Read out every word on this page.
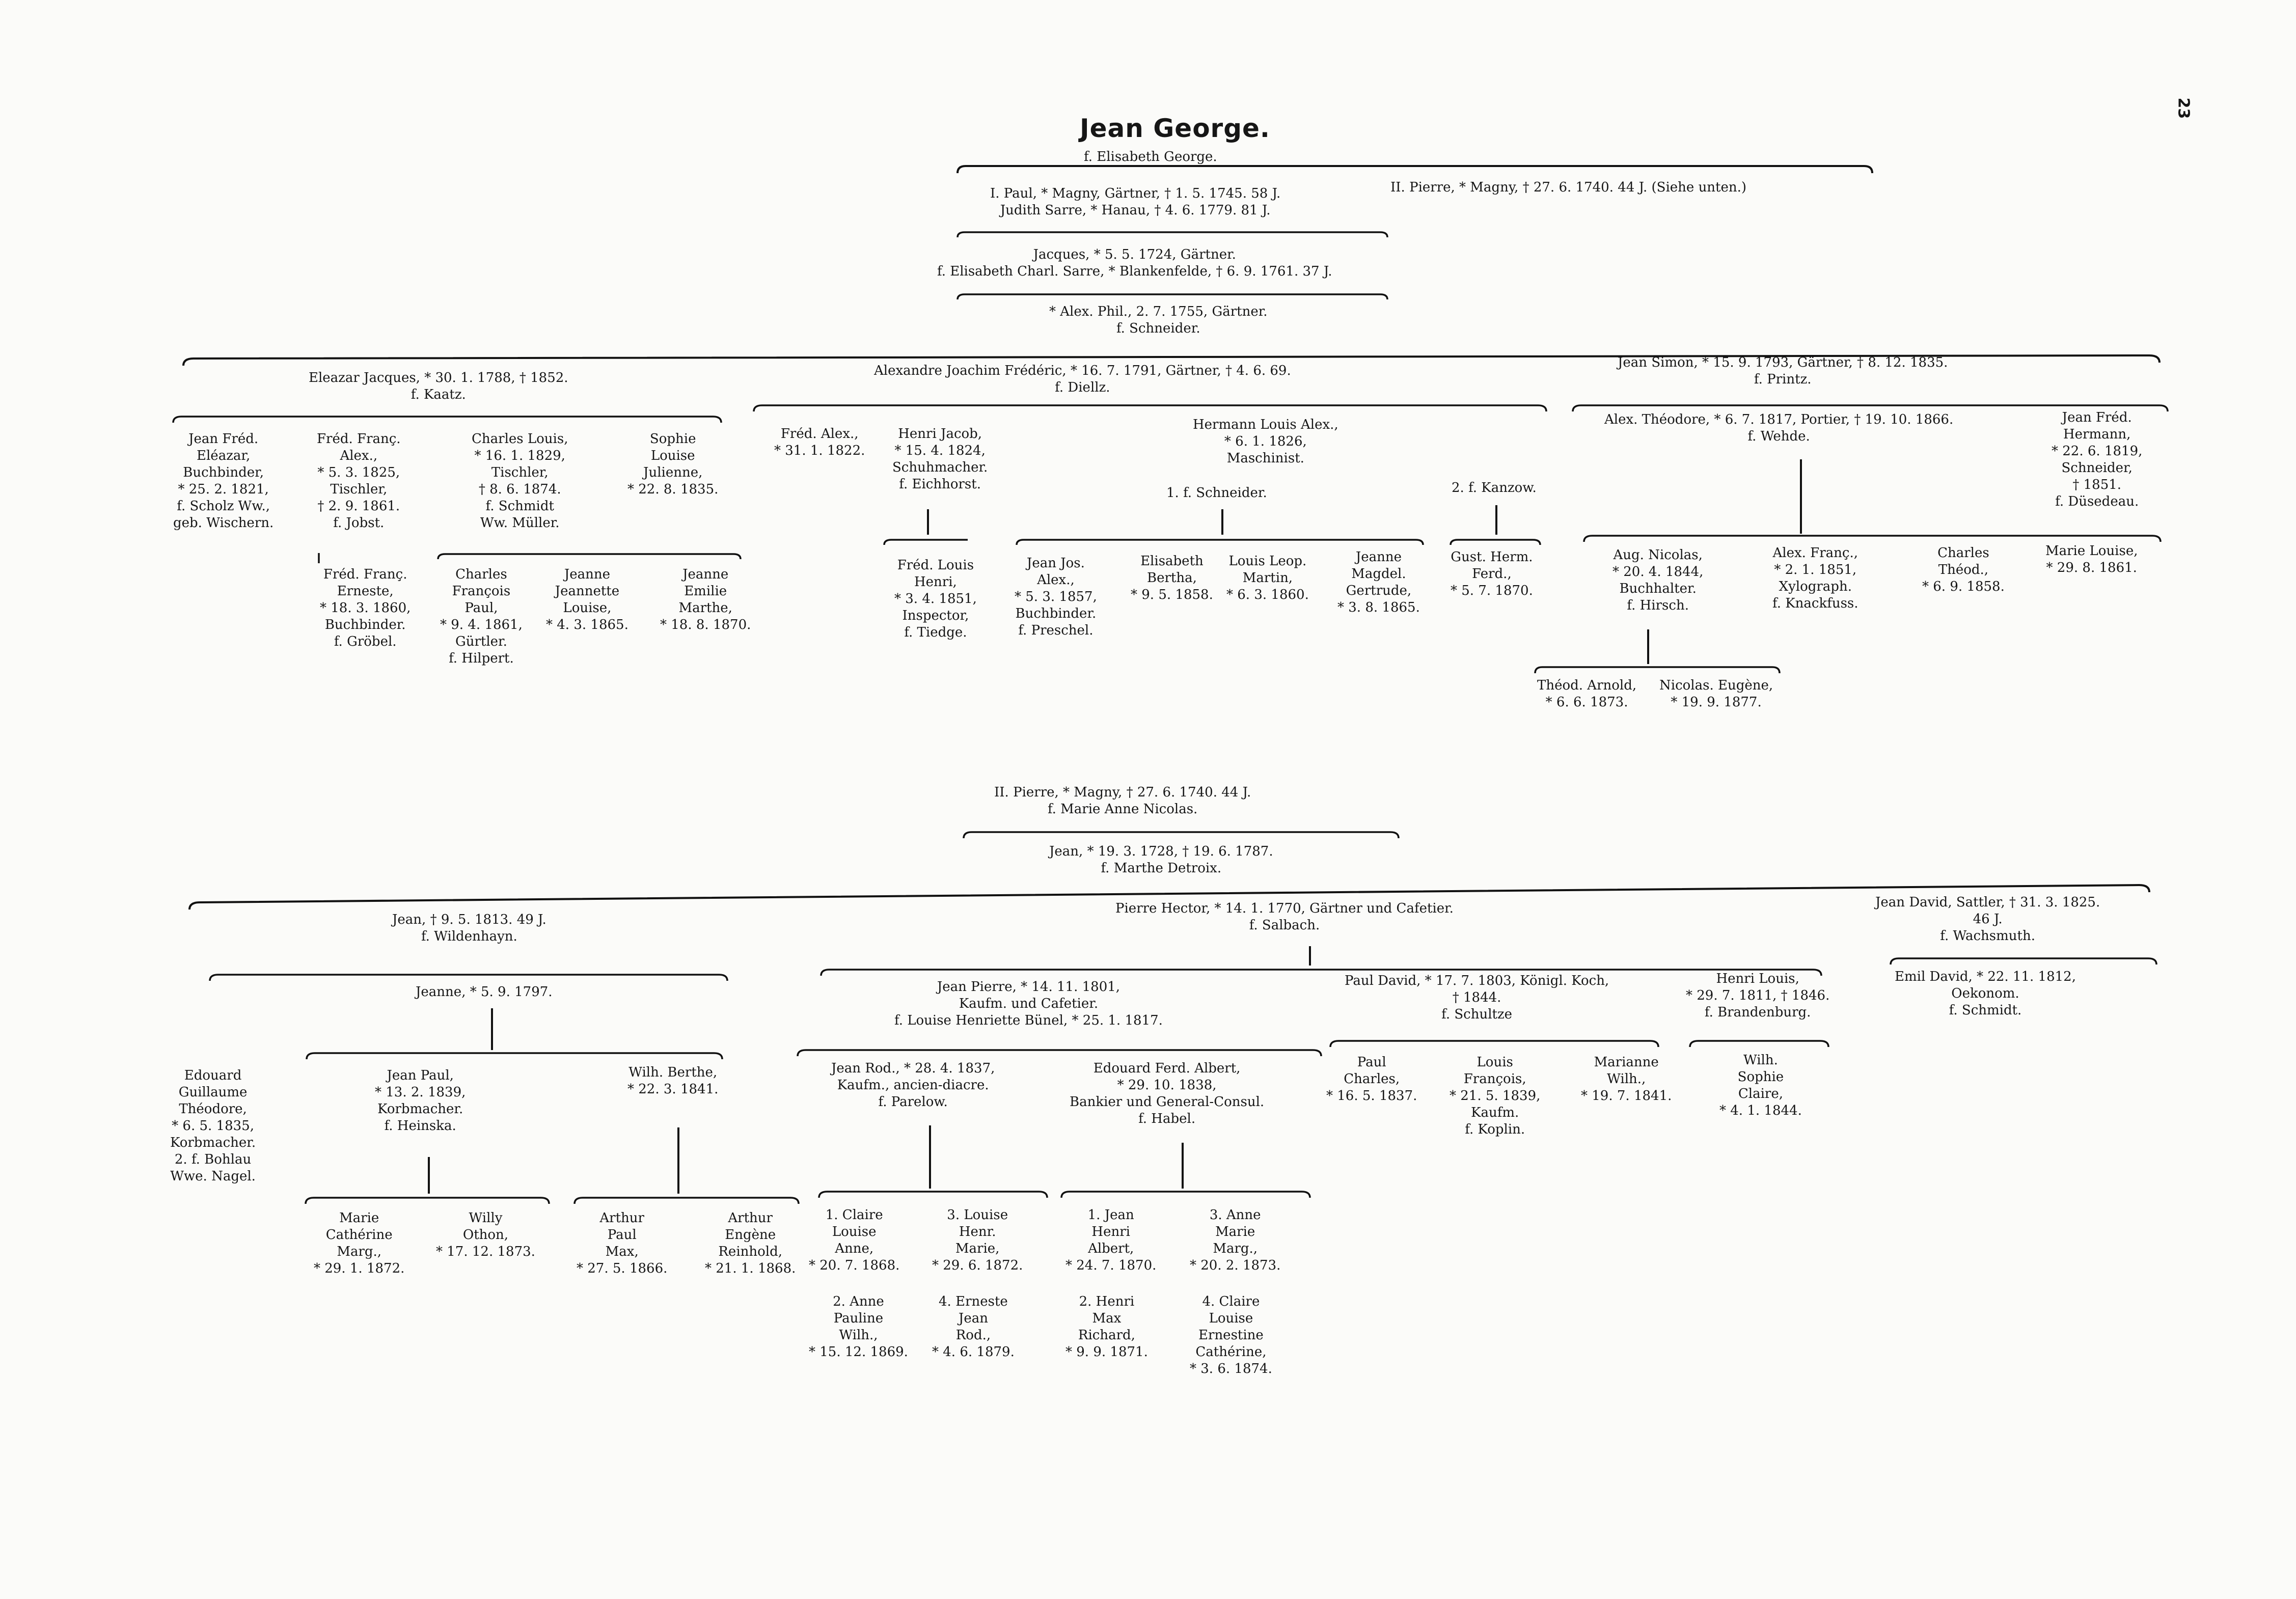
23
Jean George.
f. Elisabeth George.
I. Paul, * Magny, Gärtner, † 1. 5. 1745. 58 J.
Judith Sarre, * Hanau, † 4. 6. 1779. 81 J.
II. Pierre, * Magny, † 27. 6. 1740. 44 J. (Siehe unten.)
Jacques, * 5. 5. 1724, Gärtner.
f. Elisabeth Charl. Sarre, * Blankenfelde, † 6. 9. 1761. 37 J.
* Alex. Phil., 2. 7. 1755, Gärtner.
f. Schneider.
Eleazar Jacques, * 30. 1. 1788, † 1852.
f. Kaatz.
Alexandre Joachim Frédéric, * 16. 7. 1791, Gärtner, † 4. 6. 69.
f. Diellz.
Jean Simon, * 15. 9. 1793, Gärtner, † 8. 12. 1835.
f. Printz.
Jean Fréd.
Eléazar,
Buchbinder,
* 25. 2. 1821,
f. Scholz Ww.,
geb. Wischern.
Fréd. Franç.
Alex.,
* 5. 3. 1825,
Tischler,
† 2. 9. 1861.
f. Jobst.
Charles Louis,
* 16. 1. 1829,
Tischler,
† 8. 6. 1874.
f. Schmidt
Ww. Müller.
Sophie
Louise
Julienne,
* 22. 8. 1835.
Fréd. Franç.
Erneste,
* 18. 3. 1860,
Buchbinder.
f. Gröbel.
Charles
François
Paul,
* 9. 4. 1861,
Gürtler.
f. Hilpert.
Jeanne
Jeannette
Louise,
* 4. 3. 1865.
Jeanne
Emilie
Marthe,
* 18. 8. 1870.
Fréd. Alex.,
* 31. 1. 1822.
Henri Jacob,
* 15. 4. 1824,
Schuhmacher.
f. Eichhorst.
Hermann Louis Alex.,
* 6. 1. 1826,
Maschinist.
1. f. Schneider.	2. f. Kanzow.
Fréd. Louis
Henri,
* 3. 4. 1851,
Inspector,
f. Tiedge.
Jean Jos.
Alex.,
* 5. 3. 1857,
Buchbinder.
f. Preschel.
Elisabeth
Bertha,
* 9. 5. 1858.
Louis Leop.
Martin,
* 6. 3. 1860.
Jeanne
Magdel.
Gertrude,
* 3. 8. 1865.
Gust. Herm.
Ferd.,
* 5. 7. 1870.
Alex. Théodore, * 6. 7. 1817, Portier, † 19. 10. 1866.
f. Wehde.
Jean Fréd.
Hermann,
* 22. 6. 1819,
Schneider,
† 1851.
f. Düsedeau.
Aug. Nicolas,
* 20. 4. 1844,
Buchhalter.
f. Hirsch.
Alex. Franç.,
* 2. 1. 1851,
Xylograph.
f. Knackfuss.
Charles
Théod.,
* 6. 9. 1858.
Marie Louise,
* 29. 8. 1861.
Théod. Arnold,
* 6. 6. 1873.
Nicolas. Eugène,
* 19. 9. 1877.
II. Pierre, * Magny, † 27. 6. 1740. 44 J.
f. Marie Anne Nicolas.
Jean, * 19. 3. 1728, † 19. 6. 1787.
f. Marthe Detroix.
Jean, † 9. 5. 1813. 49 J.
f. Wildenhayn.
Pierre Hector, * 14. 1. 1770, Gärtner und Cafetier.
f. Salbach.
Jean David, Sattler, † 31. 3. 1825.
46 J.
f. Wachsmuth.
Jeanne, * 5. 9. 1797.	Jean Pierre, * 14. 11. 1801,
Kaufm. und Cafetier.
f. Louise Henriette Bünel, * 25. 1. 1817.
Paul David, * 17. 7. 1803, Königl. Koch,
† 1844.
f. Schultze
Henri Louis,
* 29. 7. 1811, † 1846.
f. Brandenburg.
Emil David, * 22. 11. 1812,
Oekonom.
f. Schmidt.
Edouard
Guillaume
Théodore,
* 6. 5. 1835,
Korbmacher.
2. f. Bohlau
Wwe. Nagel.
Jean Paul,
* 13. 2. 1839,
Korbmacher.
f. Heinska.
Wilh. Berthe,
* 22. 3. 1841.
Marie
Cathérine
Marg.,
* 29. 1. 1872.
Willy
Othon,
* 17. 12. 1873.
Arthur
Paul
Max,
* 27. 5. 1866.
Arthur
Engène
Reinhold,
* 21. 1. 1868.
Jean Rod., * 28. 4. 1837,
Kaufm., ancien-diacre.
f. Parelow.
Edouard Ferd. Albert,
* 29. 10. 1838,
Bankier und General-Consul.
f. Habel.
1. Claire
Louise
Anne,
* 20. 7. 1868.
3. Louise
Henr.
Marie,
* 29. 6. 1872.
2. Anne
Pauline
Wilh.,
* 15. 12. 1869.
4. Erneste
Jean
Rod.,
* 4. 6. 1879.
1. Jean
Henri
Albert,
* 24. 7. 1870.
3. Anne
Marie
Marg.,
* 20. 2. 1873.
2. Henri
Max
Richard,
* 9. 9. 1871.
4. Claire
Louise
Ernestine
Cathérine,
* 3. 6. 1874.
Paul
Charles,
* 16. 5. 1837.
Louis
François,
* 21. 5. 1839,
Kaufm.
f. Koplin.
Marianne
Wilh.,
* 19. 7. 1841.
Wilh.
Sophie
Claire,
* 4. 1. 1844.
